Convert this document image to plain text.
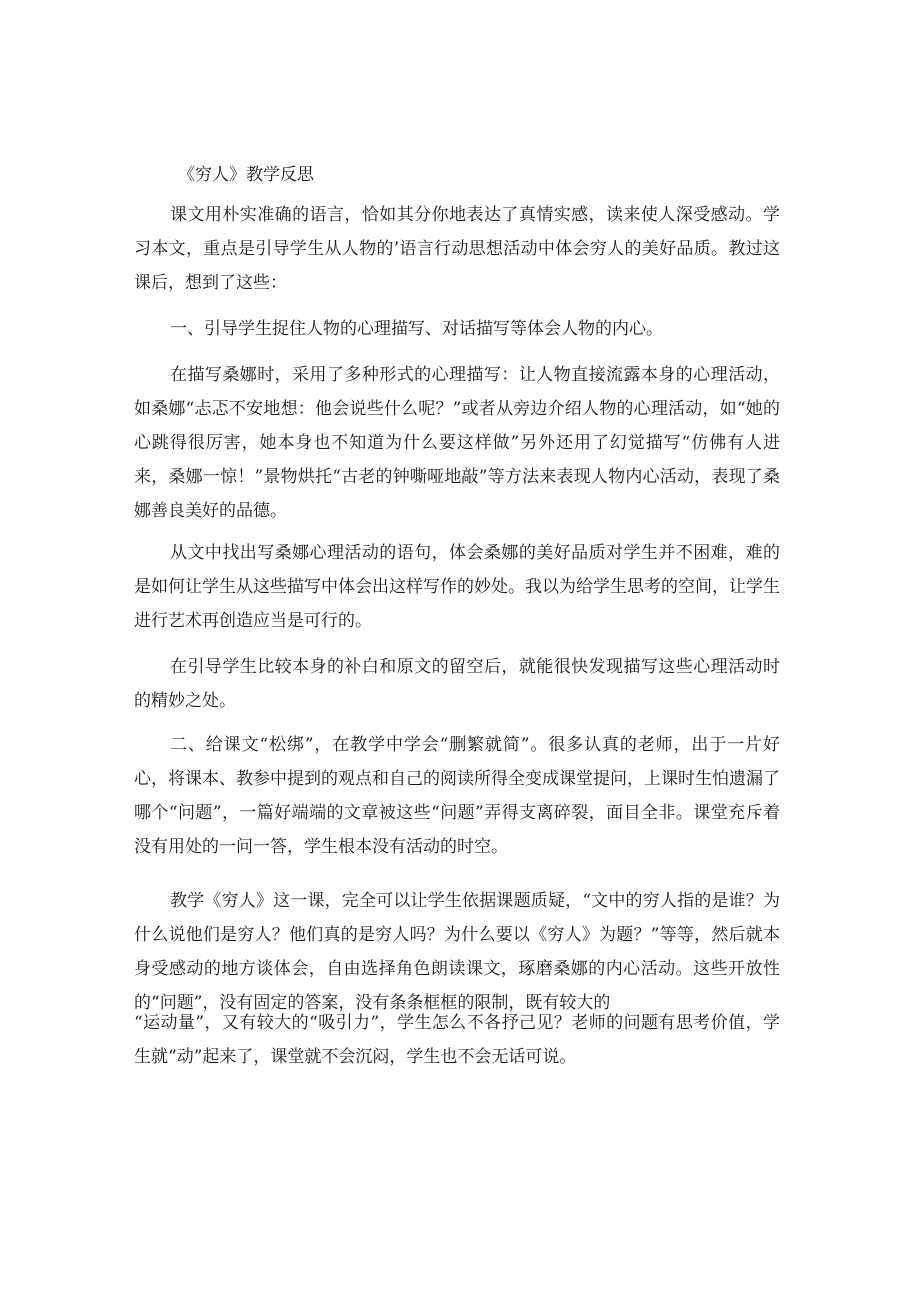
《穷人》教学反思

课文用朴实准确的语言，恰如其分你地表达了真情实感，读来使人深受感动。学习本文，重点是引导学生从人物的’语言行动思想活动中体会穷人的美好品质。教过这课后，想到了这些：

一、引导学生捉住人物的心理描写、对话描写等体会人物的内心。

在描写桑娜时，采用了多种形式的心理描写：让人物直接流露本身的心理活动，如桑娜“忐忑不安地想：他会说些什么呢？”或者从旁边介绍人物的心理活动，如“她的心跳得很厉害，她本身也不知道为什么要这样做”另外还用了幻觉描写“仿佛有人进来，桑娜一惊！”景物烘托“古老的钟嘶哑地敲”等方法来表现人物内心活动，表现了桑娜善良美好的品德。

从文中找出写桑娜心理活动的语句，体会桑娜的美好品质对学生并不困难，难的是如何让学生从这些描写中体会出这样写作的妙处。我以为给学生思考的空间，让学生进行艺术再创造应当是可行的。

在引导学生比较本身的补白和原文的留空后，就能很快发现描写这些心理活动时的精妙之处。

二、给课文“松绑”，在教学中学会“删繁就简”。很多认真的老师，出于一片好心，将课本、教参中提到的观点和自己的阅读所得全变成课堂提问，上课时生怕遗漏了哪个“问题”，一篇好端端的文章被这些“问题”弄得支离碎裂，面目全非。课堂充斥着没有用处的一问一答，学生根本没有活动的时空。

教学《穷人》这一课，完全可以让学生依据课题质疑，“文中的穷人指的是谁？为什么说他们是穷人？他们真的是穷人吗？为什么要以《穷人》为题？”等等，然后就本身受感动的地方谈体会，自由选择角色朗读课文，琢磨桑娜的内心活动。这些开放性的“问题”，没有固定的答案，没有条条框框的限制，既有较大的

“运动量”，又有较大的“吸引力”，学生怎么不各抒己见？老师的问题有思考价值，学生就“动”起来了，课堂就不会沉闷，学生也不会无话可说。
